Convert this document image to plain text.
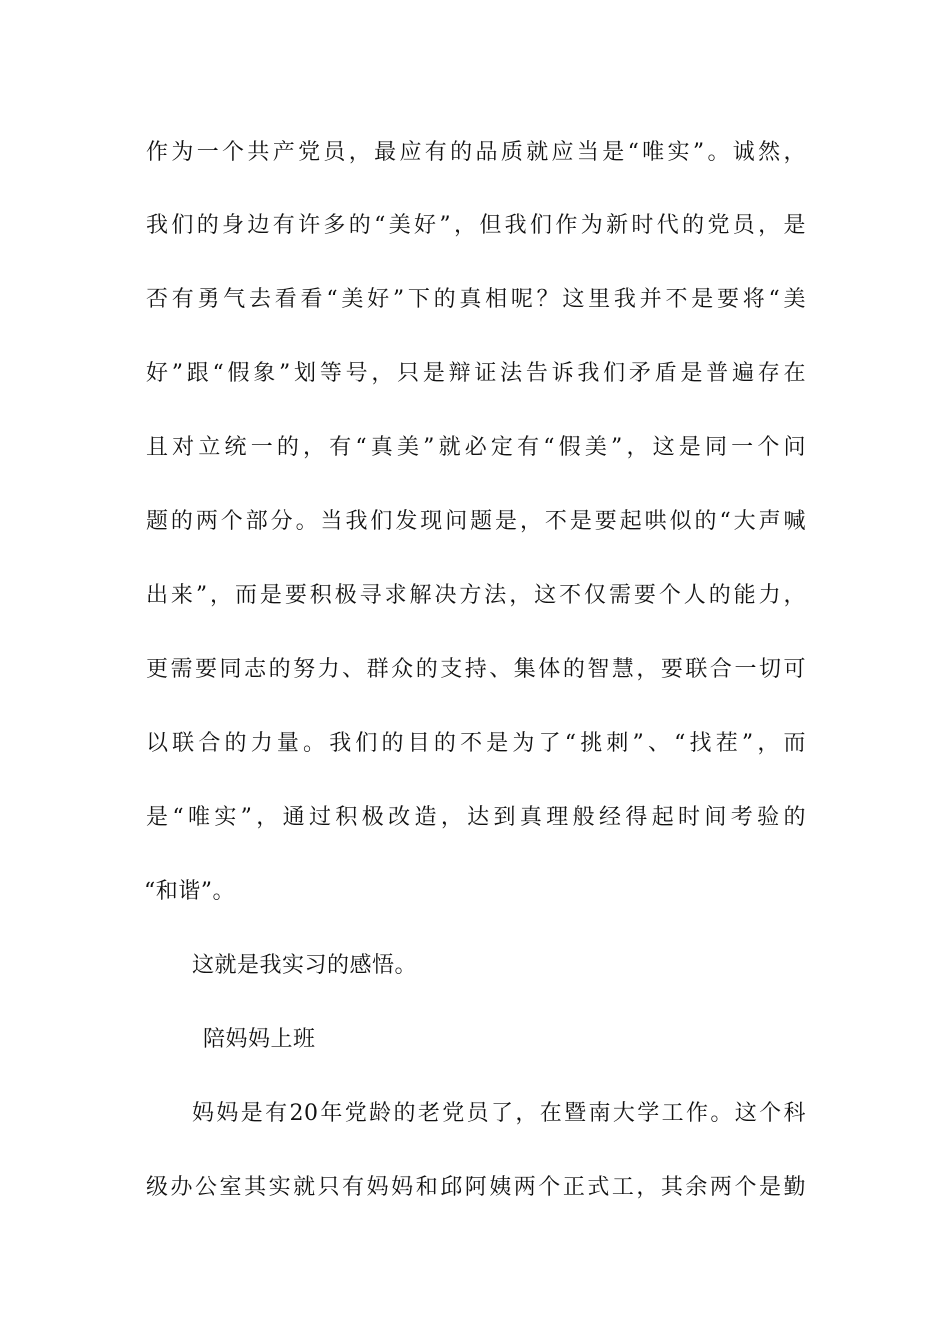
作为一个共产党员，最应有的品质就应当是“唯实”。诚然，
我们的身边有许多的“美好”，但我们作为新时代的党员，是
否有勇气去看看“美好”下的真相呢？这里我并不是要将“美
好”跟“假象”划等号，只是辩证法告诉我们矛盾是普遍存在
且对立统一的，有“真美”就必定有“假美”，这是同一个问
题的两个部分。当我们发现问题是，不是要起哄似的“大声喊
出来”，而是要积极寻求解决方法，这不仅需要个人的能力，
更需要同志的努力、群众的支持、集体的智慧，要联合一切可
以联合的力量。我们的目的不是为了“挑刺”、“找茬”，而
是“唯实”，通过积极改造，达到真理般经得起时间考验的
“和谐”。
这就是我实习的感悟。
陪妈妈上班
妈妈是有20年党龄的老党员了，在暨南大学工作。这个科
级办公室其实就只有妈妈和邱阿姨两个正式工，其余两个是勤
